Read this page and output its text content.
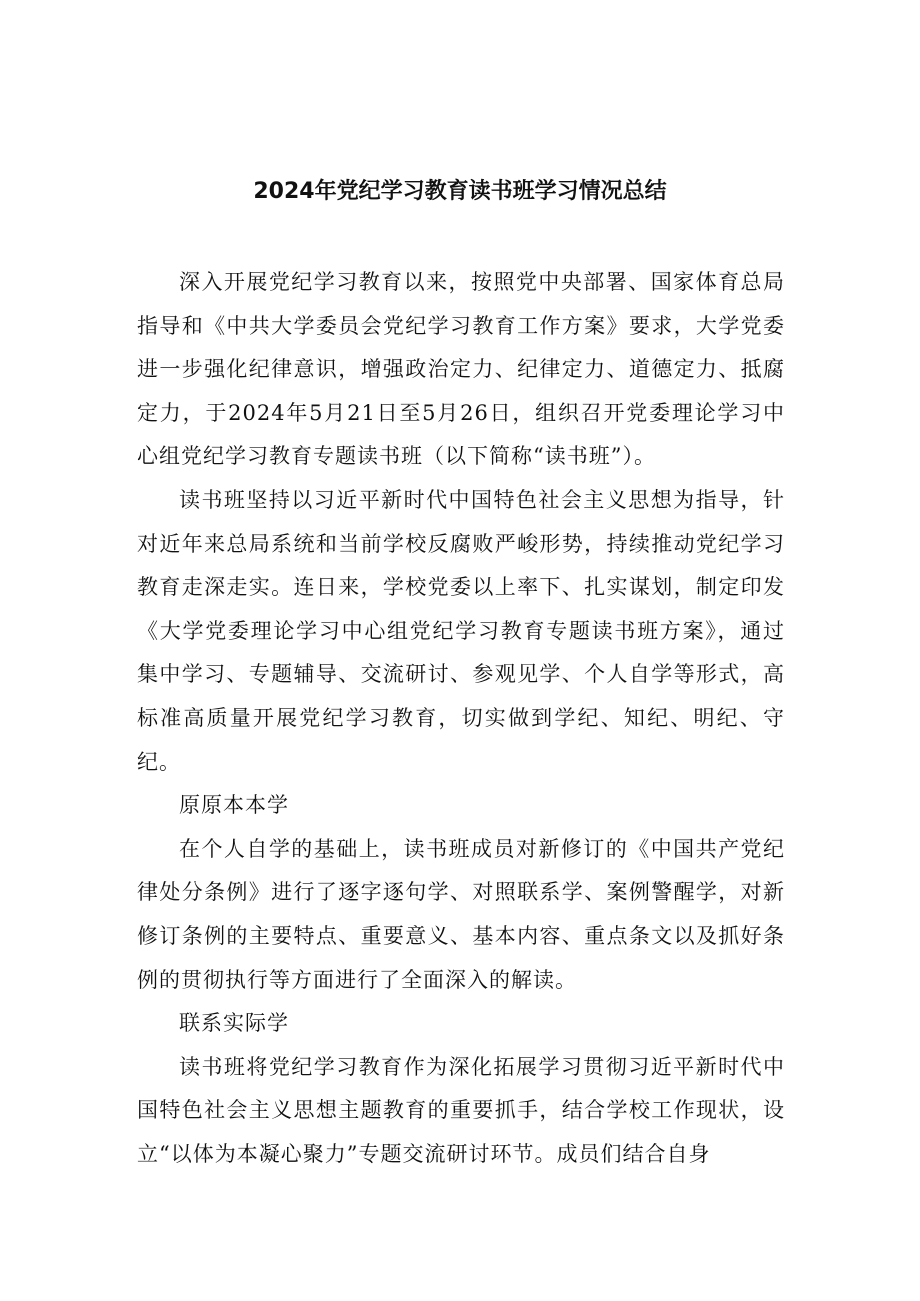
2024年党纪学习教育读书班学习情况总结

深入开展党纪学习教育以来，按照党中央部署、国家体育总局指导和《中共大学委员会党纪学习教育工作方案》要求，大学党委进一步强化纪律意识，增强政治定力、纪律定力、道德定力、抵腐定力，于2024年5月21日至5月26日，组织召开党委理论学习中心组党纪学习教育专题读书班（以下简称“读书班”）。

读书班坚持以习近平新时代中国特色社会主义思想为指导，针对近年来总局系统和当前学校反腐败严峻形势，持续推动党纪学习教育走深走实。连日来，学校党委以上率下、扎实谋划，制定印发《大学党委理论学习中心组党纪学习教育专题读书班方案》，通过集中学习、专题辅导、交流研讨、参观见学、个人自学等形式，高标准高质量开展党纪学习教育，切实做到学纪、知纪、明纪、守纪。

原原本本学

在个人自学的基础上，读书班成员对新修订的《中国共产党纪律处分条例》进行了逐字逐句学、对照联系学、案例警醒学，对新修订条例的主要特点、重要意义、基本内容、重点条文以及抓好条例的贯彻执行等方面进行了全面深入的解读。

联系实际学

读书班将党纪学习教育作为深化拓展学习贯彻习近平新时代中国特色社会主义思想主题教育的重要抓手，结合学校工作现状，设立“以体为本凝心聚力”专题交流研讨环节。成员们结合自身
